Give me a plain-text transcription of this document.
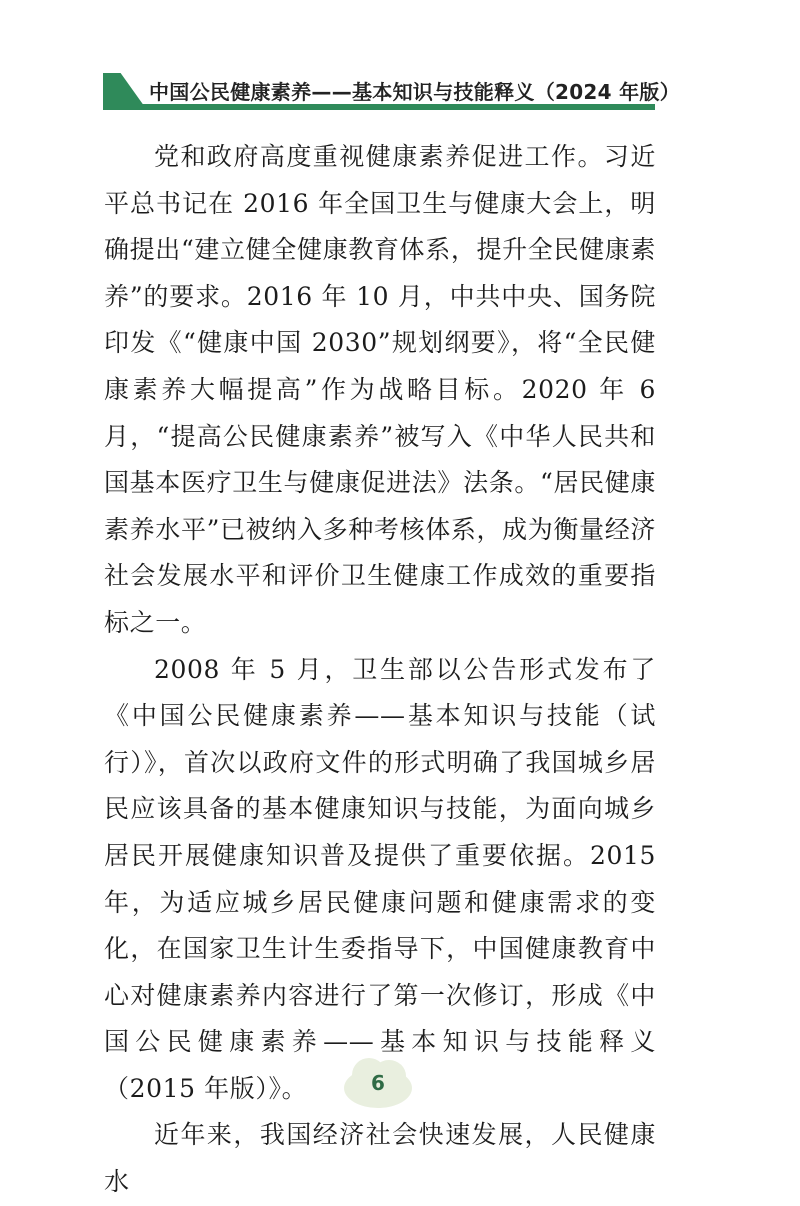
中国公民健康素养——基本知识与技能释义（2024 年版）

党和政府高度重视健康素养促进工作。习近平总书记在 2016 年全国卫生与健康大会上，明确提出“建立健全健康教育体系，提升全民健康素养”的要求。2016 年 10 月，中共中央、国务院印发《“健康中国 2030”规划纲要》，将“全民健康素养大幅提高”作为战略目标。2020 年 6 月，“提高公民健康素养”被写入《中华人民共和国基本医疗卫生与健康促进法》法条。“居民健康素养水平”已被纳入多种考核体系，成为衡量经济社会发展水平和评价卫生健康工作成效的重要指标之一。

2008 年 5 月，卫生部以公告形式发布了《中国公民健康素养——基本知识与技能（试行）》，首次以政府文件的形式明确了我国城乡居民应该具备的基本健康知识与技能，为面向城乡居民开展健康知识普及提供了重要依据。2015 年，为适应城乡居民健康问题和健康需求的变化，在国家卫生计生委指导下，中国健康教育中心对健康素养内容进行了第一次修订，形成《中国公民健康素养——基本知识与技能释义（2015 年版）》。

近年来，我国经济社会快速发展，人民健康水

6
